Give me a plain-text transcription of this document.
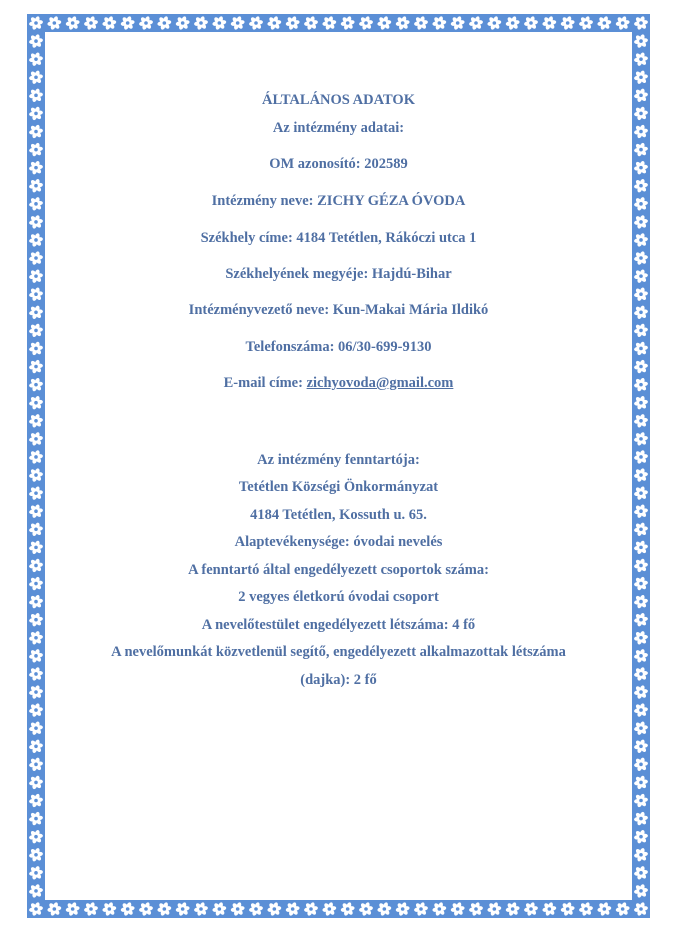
ÁLTALÁNOS ADATOK
Az intézmény adatai:
OM azonosító: 202589
Intézmény neve: ZICHY GÉZA ÓVODA
Székhely címe: 4184 Tetétlen, Rákóczi utca 1
Székhelyének megyéje: Hajdú-Bihar
Intézményvezető neve: Kun-Makai Mária Ildikó
Telefonszáma: 06/30-699-9130
E-mail címe: zichyovoda@gmail.com
Az intézmény fenntartója:
Tetétlen Községi Önkormányzat
4184 Tetétlen, Kossuth u. 65.
Alaptevékenysége: óvodai nevelés
A fenntartó által engedélyezett csoportok száma:
2 vegyes életkorú óvodai csoport
A nevelőtestület engedélyezett létszáma: 4 fő
A nevelőmunkát közvetlenül segítő, engedélyezett alkalmazottak létszáma
(dajka): 2 fő
